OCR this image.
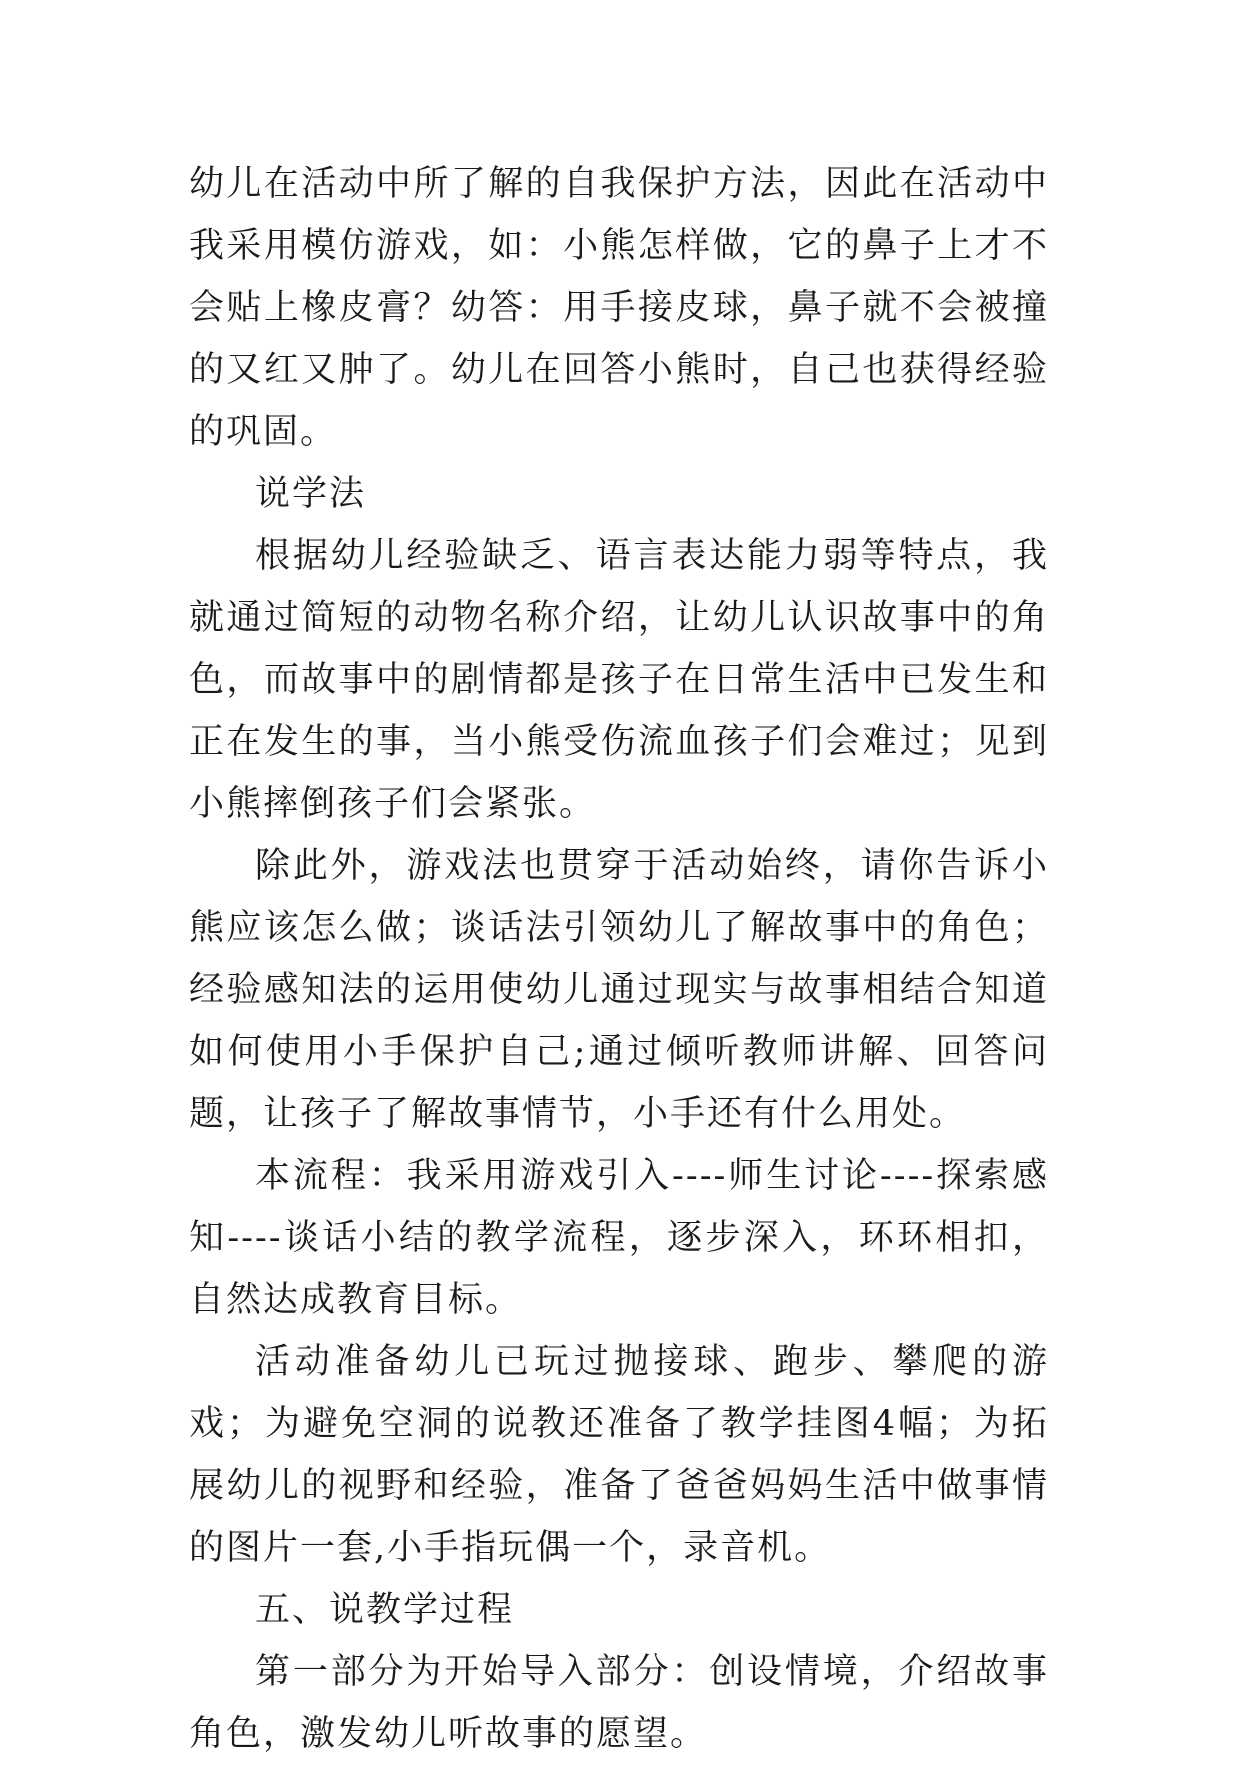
幼儿在活动中所了解的自我保护方法，因此在活动中我采用模仿游戏，如：小熊怎样做，它的鼻子上才不会贴上橡皮膏？幼答：用手接皮球，鼻子就不会被撞的又红又肿了。幼儿在回答小熊时，自己也获得经验的巩固。

说学法

根据幼儿经验缺乏、语言表达能力弱等特点，我就通过简短的动物名称介绍，让幼儿认识故事中的角色，而故事中的剧情都是孩子在日常生活中已发生和正在发生的事，当小熊受伤流血孩子们会难过；见到小熊摔倒孩子们会紧张。

除此外，游戏法也贯穿于活动始终，请你告诉小熊应该怎么做；谈话法引领幼儿了解故事中的角色；经验感知法的运用使幼儿通过现实与故事相结合知道如何使用小手保护自己;通过倾听教师讲解、回答问题，让孩子了解故事情节，小手还有什么用处。

本流程：我采用游戏引入----师生讨论----探索感知----谈话小结的教学流程，逐步深入，环环相扣，自然达成教育目标。

活动准备幼儿已玩过抛接球、跑步、攀爬的游戏；为避免空洞的说教还准备了教学挂图4幅；为拓展幼儿的视野和经验，准备了爸爸妈妈生活中做事情的图片一套,小手指玩偶一个，录音机。

五、说教学过程

第一部分为开始导入部分：创设情境，介绍故事角色，激发幼儿听故事的愿望。
